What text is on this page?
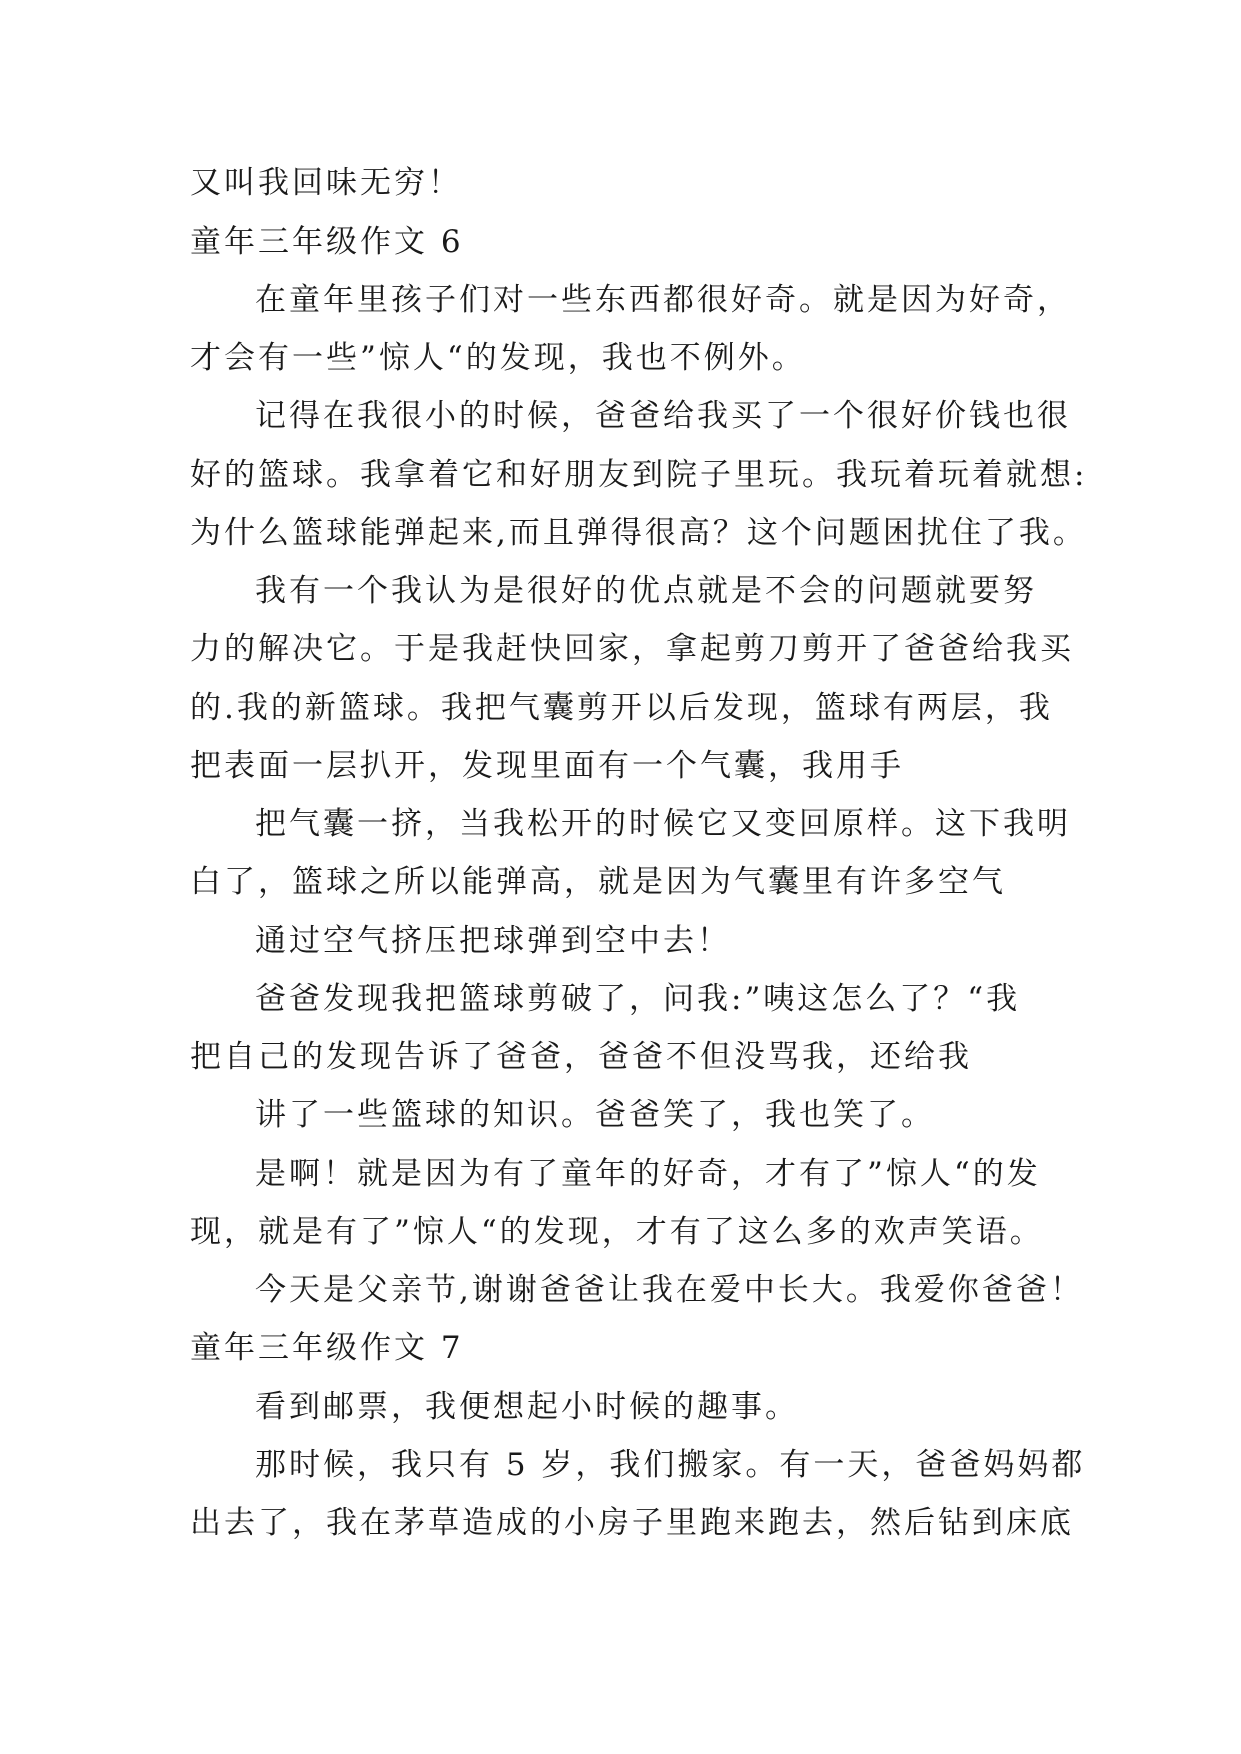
又叫我回味无穷！
童年三年级作文 6
在童年里孩子们对一些东西都很好奇。就是因为好奇，
才会有一些”惊人“的发现，我也不例外。
记得在我很小的时候，爸爸给我买了一个很好价钱也很
好的篮球。我拿着它和好朋友到院子里玩。我玩着玩着就想:
为什么篮球能弹起来,而且弹得很高？这个问题困扰住了我。
我有一个我认为是很好的优点就是不会的问题就要努
力的解决它。于是我赶快回家，拿起剪刀剪开了爸爸给我买
的.我的新篮球。我把气囊剪开以后发现，篮球有两层，我
把表面一层扒开，发现里面有一个气囊，我用手
把气囊一挤，当我松开的时候它又变回原样。这下我明
白了，篮球之所以能弹高，就是因为气囊里有许多空气
通过空气挤压把球弹到空中去！
爸爸发现我把篮球剪破了，问我:”咦这怎么了？“我
把自己的发现告诉了爸爸，爸爸不但没骂我，还给我
讲了一些篮球的知识。爸爸笑了，我也笑了。
是啊！就是因为有了童年的好奇，才有了”惊人“的发
现，就是有了”惊人“的发现，才有了这么多的欢声笑语。
今天是父亲节,谢谢爸爸让我在爱中长大。我爱你爸爸！
童年三年级作文 7
看到邮票，我便想起小时候的趣事。
那时候，我只有 5 岁，我们搬家。有一天，爸爸妈妈都
出去了，我在茅草造成的小房子里跑来跑去，然后钻到床底
